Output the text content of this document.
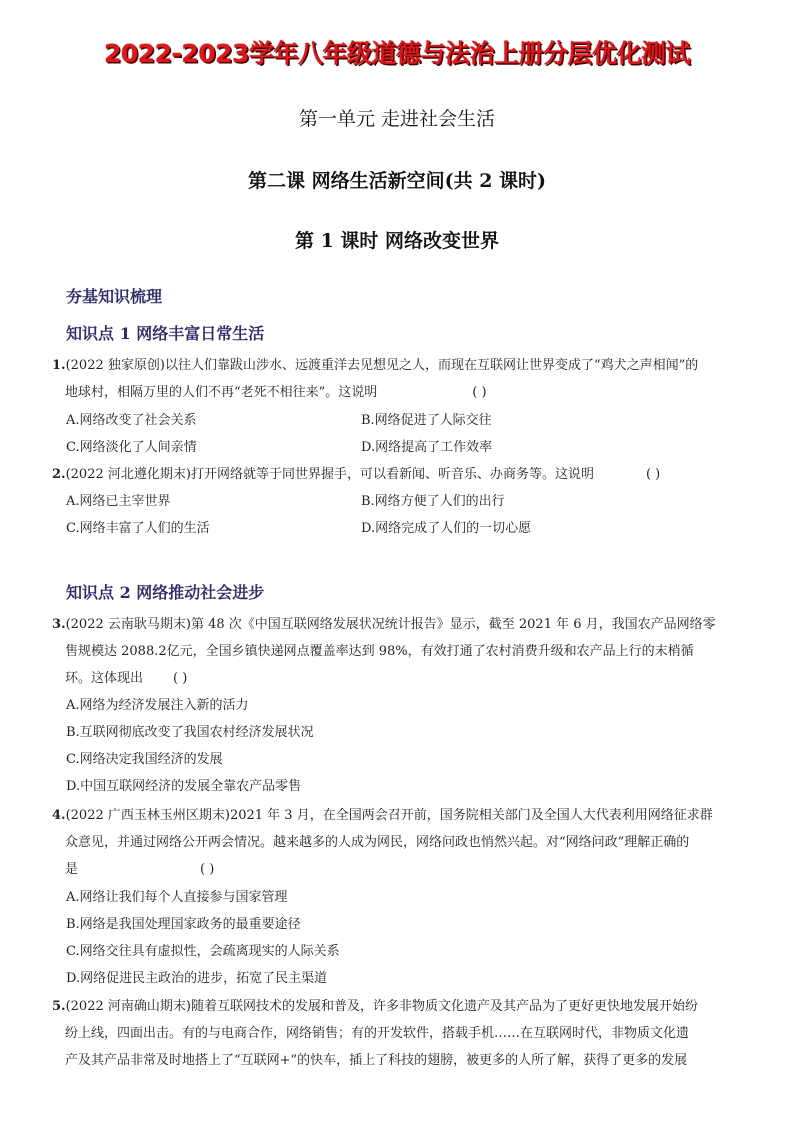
2022-2023学年八年级道德与法治上册分层优化测试
第一单元 走进社会生活
第二课 网络生活新空间(共 2 课时)
第 1 课时 网络改变世界
夯基知识梳理
知识点 1 网络丰富日常生活
1.(2022 独家原创)以往人们靠跋山涉水、远渡重洋去见想见之人，而现在互联网让世界变成了“鸡犬之声相闻”的
地球村，相隔万里的人们不再“老死不相往来”。这说明	( )
A.网络改变了社会关系	B.网络促进了人际交往
C.网络淡化了人间亲情	D.网络提高了工作效率
2.(2022 河北遵化期末)打开网络就等于同世界握手，可以看新闻、听音乐、办商务等。这说明	( )
A.网络已主宰世界	B.网络方便了人们的出行
C.网络丰富了人们的生活	D.网络完成了人们的一切心愿
知识点 2 网络推动社会进步
3.(2022 云南耿马期末)第 48 次《中国互联网络发展状况统计报告》显示，截至 2021 年 6 月，我国农产品网络零
售规模达 2088.2亿元，全国乡镇快递网点覆盖率达到 98%，有效打通了农村消费升级和农产品上行的末梢循
环。这体现出 ( )
A.网络为经济发展注入新的活力
B.互联网彻底改变了我国农村经济发展状况
C.网络决定我国经济的发展
D.中国互联网经济的发展全靠农产品零售
4.(2022 广西玉林玉州区期末)2021 年 3 月，在全国两会召开前，国务院相关部门及全国人大代表利用网络征求群
众意见，并通过网络公开两会情况。越来越多的人成为网民，网络问政也悄然兴起。对“网络问政”理解正确的
是	( )
A.网络让我们每个人直接参与国家管理
B.网络是我国处理国家政务的最重要途径
C.网络交往具有虚拟性，会疏离现实的人际关系
D.网络促进民主政治的进步，拓宽了民主渠道
5.(2022 河南确山期末)随着互联网技术的发展和普及，许多非物质文化遗产及其产品为了更好更快地发展开始纷
纷上线，四面出击。有的与电商合作，网络销售；有的开发软件，搭载手机……在互联网时代，非物质文化遗
产及其产品非常及时地搭上了“互联网+”的快车，插上了科技的翅膀，被更多的人所了解，获得了更多的发展
